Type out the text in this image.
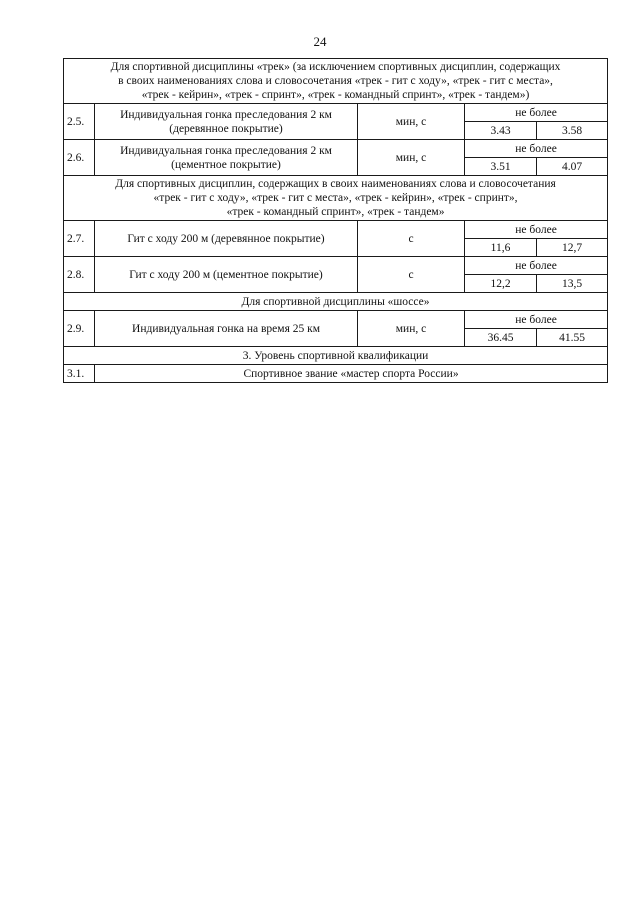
24
Для спортивной дисциплины «трек» (за исключением спортивных дисциплин, содержащих
в своих наименованиях слова и словосочетания «трек - гит с ходу», «трек - гит с места»,
«трек - кейрин», «трек - спринт», «трек - командный спринт», «трек - тандем»)				
2.5.	Индивидуальная гонка преследования 2 км
(деревянное покрытие)	мин, с	не более	
			3.43	3.58
2.6.	Индивидуальная гонка преследования 2 км
(цементное покрытие)	мин, с	не более	
			3.51	4.07
Для спортивных дисциплин, содержащих в своих наименованиях слова и словосочетания
«трек - гит с ходу», «трек - гит с места», «трек - кейрин», «трек - спринт»,
«трек - командный спринт», «трек - тандем»				
2.7.	Гит с ходу 200 м (деревянное покрытие)	с	не более	
			11,6	12,7
2.8.	Гит с ходу 200 м (цементное покрытие)	с	не более	
			12,2	13,5
Для спортивной дисциплины «шоссе»				
2.9.	Индивидуальная гонка на время 25 км	мин, с	не более	
			36.45	41.55
3. Уровень спортивной квалификации				
3.1.	Спортивное звание «мастер спорта России»			
